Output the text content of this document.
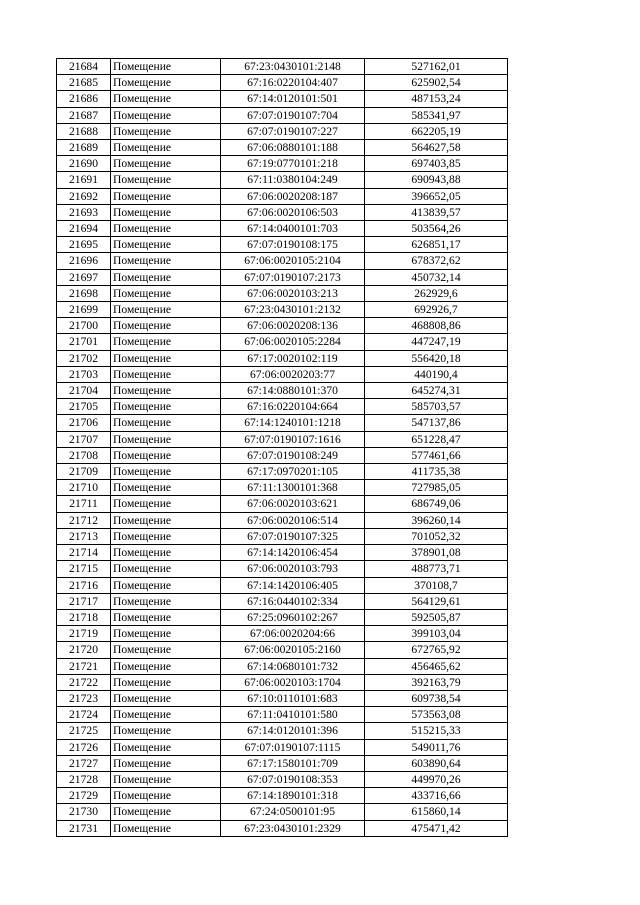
21684	Помещение	67:23:0430101:2148	527162,01
21685	Помещение	67:16:0220104:407	625902,54
21686	Помещение	67:14:0120101:501	487153,24
21687	Помещение	67:07:0190107:704	585341,97
21688	Помещение	67:07:0190107:227	662205,19
21689	Помещение	67:06:0880101:188	564627,58
21690	Помещение	67:19:0770101:218	697403,85
21691	Помещение	67:11:0380104:249	690943,88
21692	Помещение	67:06:0020208:187	396652,05
21693	Помещение	67:06:0020106:503	413839,57
21694	Помещение	67:14:0400101:703	503564,26
21695	Помещение	67:07:0190108:175	626851,17
21696	Помещение	67:06:0020105:2104	678372,62
21697	Помещение	67:07:0190107:2173	450732,14
21698	Помещение	67:06:0020103:213	262929,6
21699	Помещение	67:23:0430101:2132	692926,7
21700	Помещение	67:06:0020208:136	468808,86
21701	Помещение	67:06:0020105:2284	447247,19
21702	Помещение	67:17:0020102:119	556420,18
21703	Помещение	67:06:0020203:77	440190,4
21704	Помещение	67:14:0880101:370	645274,31
21705	Помещение	67:16:0220104:664	585703,57
21706	Помещение	67:14:1240101:1218	547137,86
21707	Помещение	67:07:0190107:1616	651228,47
21708	Помещение	67:07:0190108:249	577461,66
21709	Помещение	67:17:0970201:105	411735,38
21710	Помещение	67:11:1300101:368	727985,05
21711	Помещение	67:06:0020103:621	686749,06
21712	Помещение	67:06:0020106:514	396260,14
21713	Помещение	67:07:0190107:325	701052,32
21714	Помещение	67:14:1420106:454	378901,08
21715	Помещение	67:06:0020103:793	488773,71
21716	Помещение	67:14:1420106:405	370108,7
21717	Помещение	67:16:0440102:334	564129,61
21718	Помещение	67:25:0960102:267	592505,87
21719	Помещение	67:06:0020204:66	399103,04
21720	Помещение	67:06:0020105:2160	672765,92
21721	Помещение	67:14:0680101:732	456465,62
21722	Помещение	67:06:0020103:1704	392163,79
21723	Помещение	67:10:0110101:683	609738,54
21724	Помещение	67:11:0410101:580	573563,08
21725	Помещение	67:14:0120101:396	515215,33
21726	Помещение	67:07:0190107:1115	549011,76
21727	Помещение	67:17:1580101:709	603890,64
21728	Помещение	67:07:0190108:353	449970,26
21729	Помещение	67:14:1890101:318	433716,66
21730	Помещение	67:24:0500101:95	615860,14
21731	Помещение	67:23:0430101:2329	475471,42
